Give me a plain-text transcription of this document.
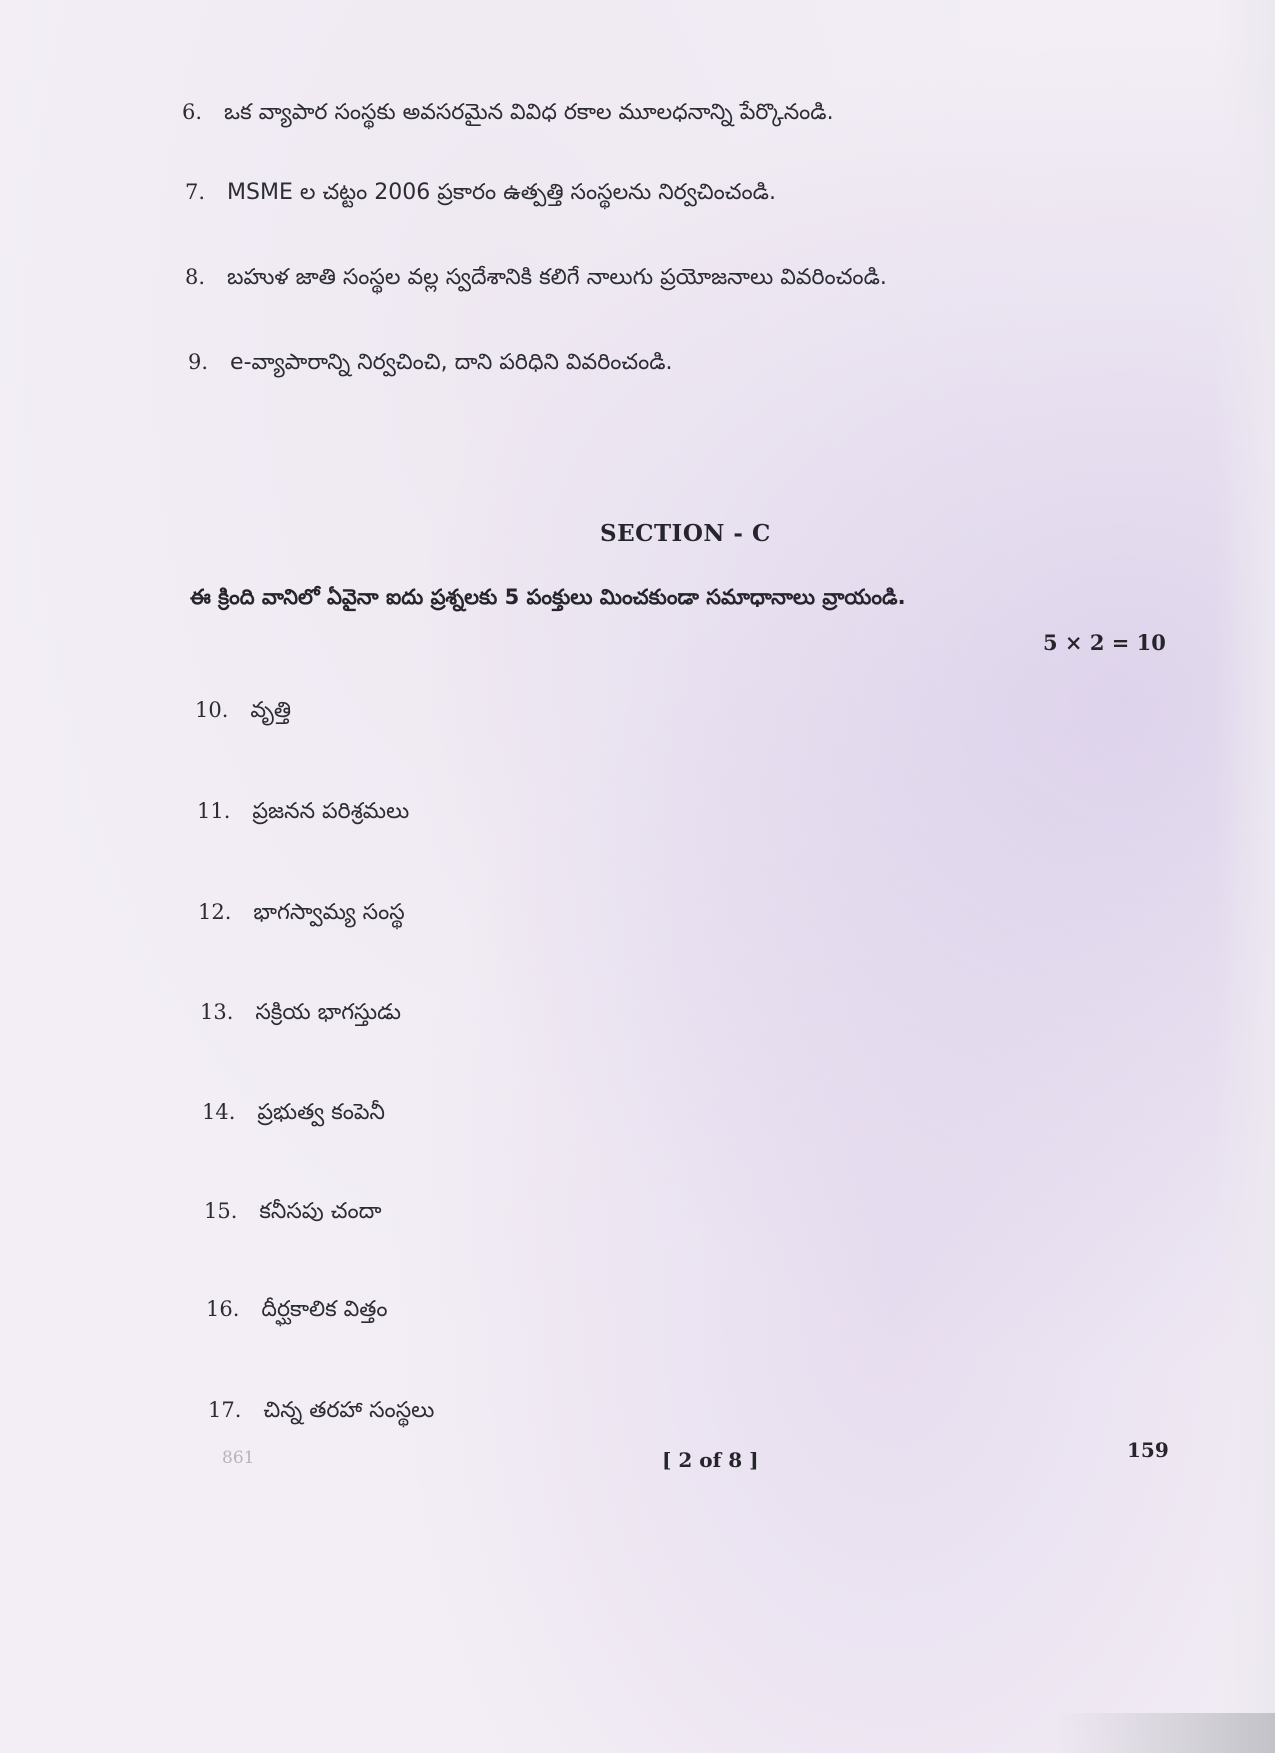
6. ఒక వ్యాపార సంస్థకు అవసరమైన వివిధ రకాల మూలధనాన్ని పేర్కొనండి.
7. MSME ల చట్టం 2006 ప్రకారం ఉత్పత్తి సంస్థలను నిర్వచించండి.
8. బహుళ జాతి సంస్థల వల్ల స్వదేశానికి కలిగే నాలుగు ప్రయోజనాలు వివరించండి.
9. e-వ్యాపారాన్ని నిర్వచించి, దాని పరిధిని వివరించండి.
SECTION - C
ఈ క్రింది వానిలో ఏవైనా ఐదు ప్రశ్నలకు 5 పంక్తులు మించకుండా సమాధానాలు వ్రాయండి.
5 × 2 = 10
10. వృత్తి
11. ప్రజనన పరిశ్రమలు
12. భాగస్వామ్య సంస్థ
13. సక్రియ భాగస్తుడు
14. ప్రభుత్వ కంపెనీ
15. కనీసపు చందా
16. దీర్ఘకాలిక విత్తం
17. చిన్న తరహా సంస్థలు
861	[ 2 of 8 ]	159
